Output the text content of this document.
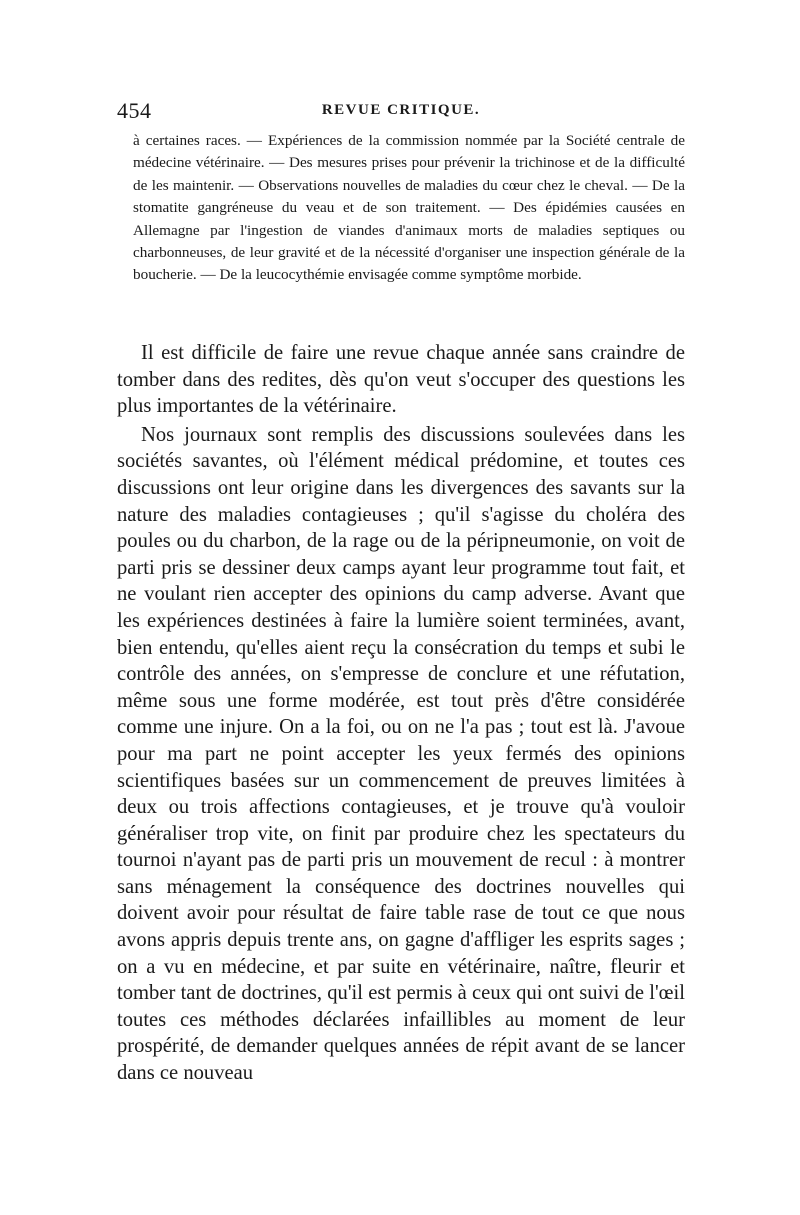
454	REVUE CRITIQUE.

à certaines races. — Expériences de la commission nommée par la Société centrale de médecine vétérinaire. — Des mesures prises pour prévenir la trichinose et de la difficulté de les maintenir. — Observations nouvelles de maladies du cœur chez le cheval. — De la stomatite gangréneuse du veau et de son traitement. — Des épidémies causées en Allemagne par l'ingestion de viandes d'animaux morts de maladies septiques ou charbonneuses, de leur gravité et de la nécessité d'organiser une inspection générale de la boucherie. — De la leucocythémie envisagée comme symptôme morbide.

Il est difficile de faire une revue chaque année sans craindre de tomber dans des redites, dès qu'on veut s'occuper des questions les plus importantes de la vétérinaire.

Nos journaux sont remplis des discussions soulevées dans les sociétés savantes, où l'élément médical prédomine, et toutes ces discussions ont leur origine dans les divergences des savants sur la nature des maladies contagieuses ; qu'il s'agisse du choléra des poules ou du charbon, de la rage ou de la péripneumonie, on voit de parti pris se dessiner deux camps ayant leur programme tout fait, et ne voulant rien accepter des opinions du camp adverse. Avant que les expériences destinées à faire la lumière soient terminées, avant, bien entendu, qu'elles aient reçu la consécration du temps et subi le contrôle des années, on s'empresse de conclure et une réfutation, même sous une forme modérée, est tout près d'être considérée comme une injure. On a la foi, ou on ne l'a pas ; tout est là. J'avoue pour ma part ne point accepter les yeux fermés des opinions scientifiques basées sur un commencement de preuves limitées à deux ou trois affections contagieuses, et je trouve qu'à vouloir généraliser trop vite, on finit par produire chez les spectateurs du tournoi n'ayant pas de parti pris un mouvement de recul : à montrer sans ménagement la conséquence des doctrines nouvelles qui doivent avoir pour résultat de faire table rase de tout ce que nous avons appris depuis trente ans, on gagne d'affliger les esprits sages ; on a vu en médecine, et par suite en vétérinaire, naître, fleurir et tomber tant de doctrines, qu'il est permis à ceux qui ont suivi de l'œil toutes ces méthodes déclarées infaillibles au moment de leur prospérité, de demander quelques années de répit avant de se lancer dans ce nouveau
